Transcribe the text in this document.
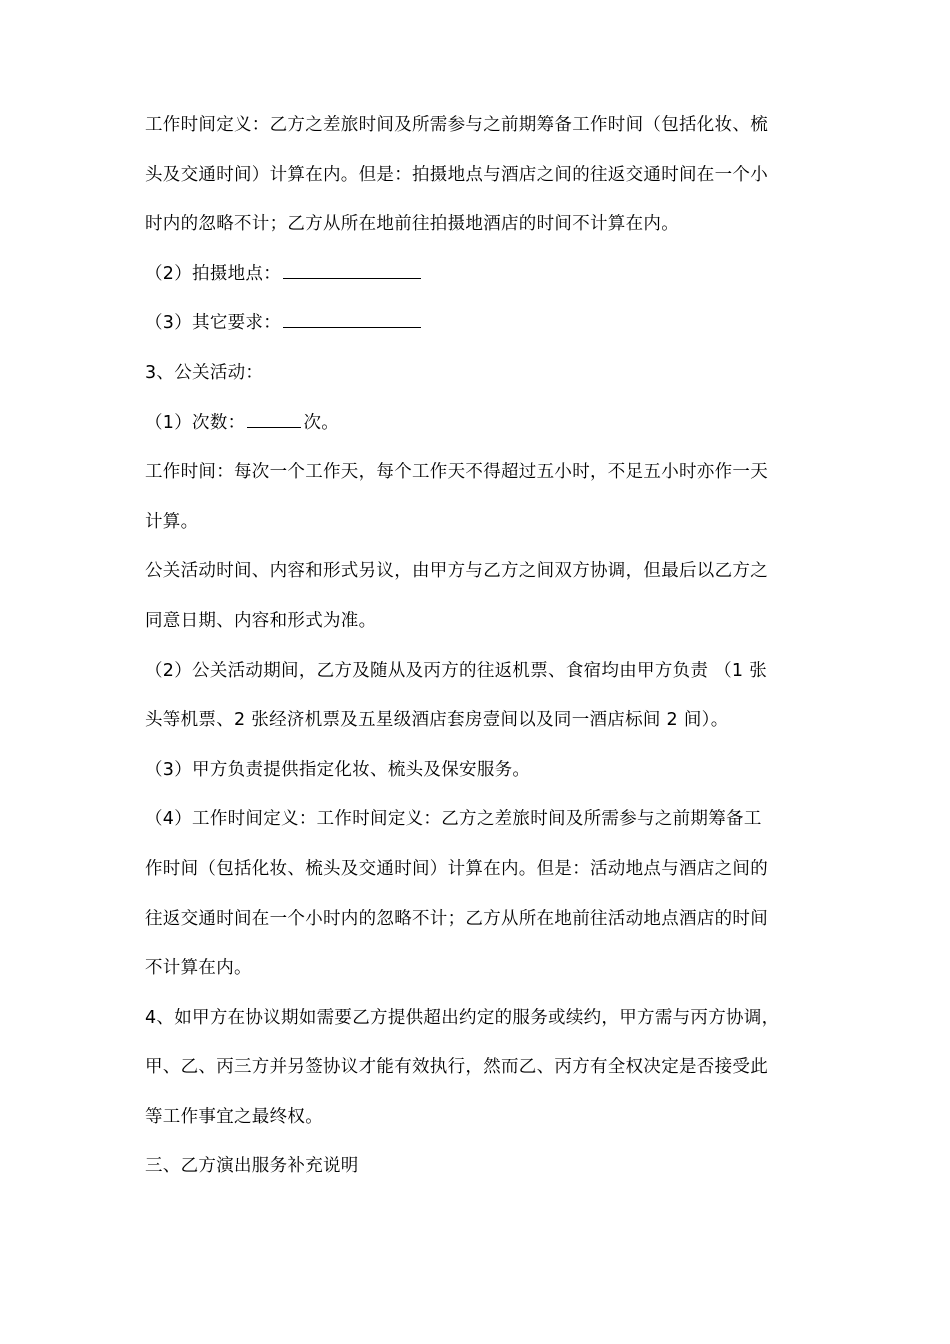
工作时间定义：乙方之差旅时间及所需参与之前期筹备工作时间（包括化妆、梳
头及交通时间）计算在内。但是：拍摄地点与酒店之间的往返交通时间在一个小
时内的忽略不计；乙方从所在地前往拍摄地酒店的时间不计算在内。
（2）拍摄地点：
（3）其它要求：
3、公关活动：
（1）次数：	次。
工作时间：每次一个工作天，每个工作天不得超过五小时，不足五小时亦作一天
计算。
公关活动时间、内容和形式另议，由甲方与乙方之间双方协调，但最后以乙方之
同意日期、内容和形式为准。
（2）公关活动期间，乙方及随从及丙方的往返机票、食宿均由甲方负责 （1 张
头等机票、2 张经济机票及五星级酒店套房壹间以及同一酒店标间 2 间）。
（3）甲方负责提供指定化妆、梳头及保安服务。
（4）工作时间定义：工作时间定义：乙方之差旅时间及所需参与之前期筹备工
作时间（包括化妆、梳头及交通时间）计算在内。但是：活动地点与酒店之间的
往返交通时间在一个小时内的忽略不计；乙方从所在地前往活动地点酒店的时间
不计算在内。
4、如甲方在协议期如需要乙方提供超出约定的服务或续约，甲方需与丙方协调，
甲、乙、丙三方并另签协议才能有效执行，然而乙、丙方有全权决定是否接受此
等工作事宜之最终权。
三、乙方演出服务补充说明
